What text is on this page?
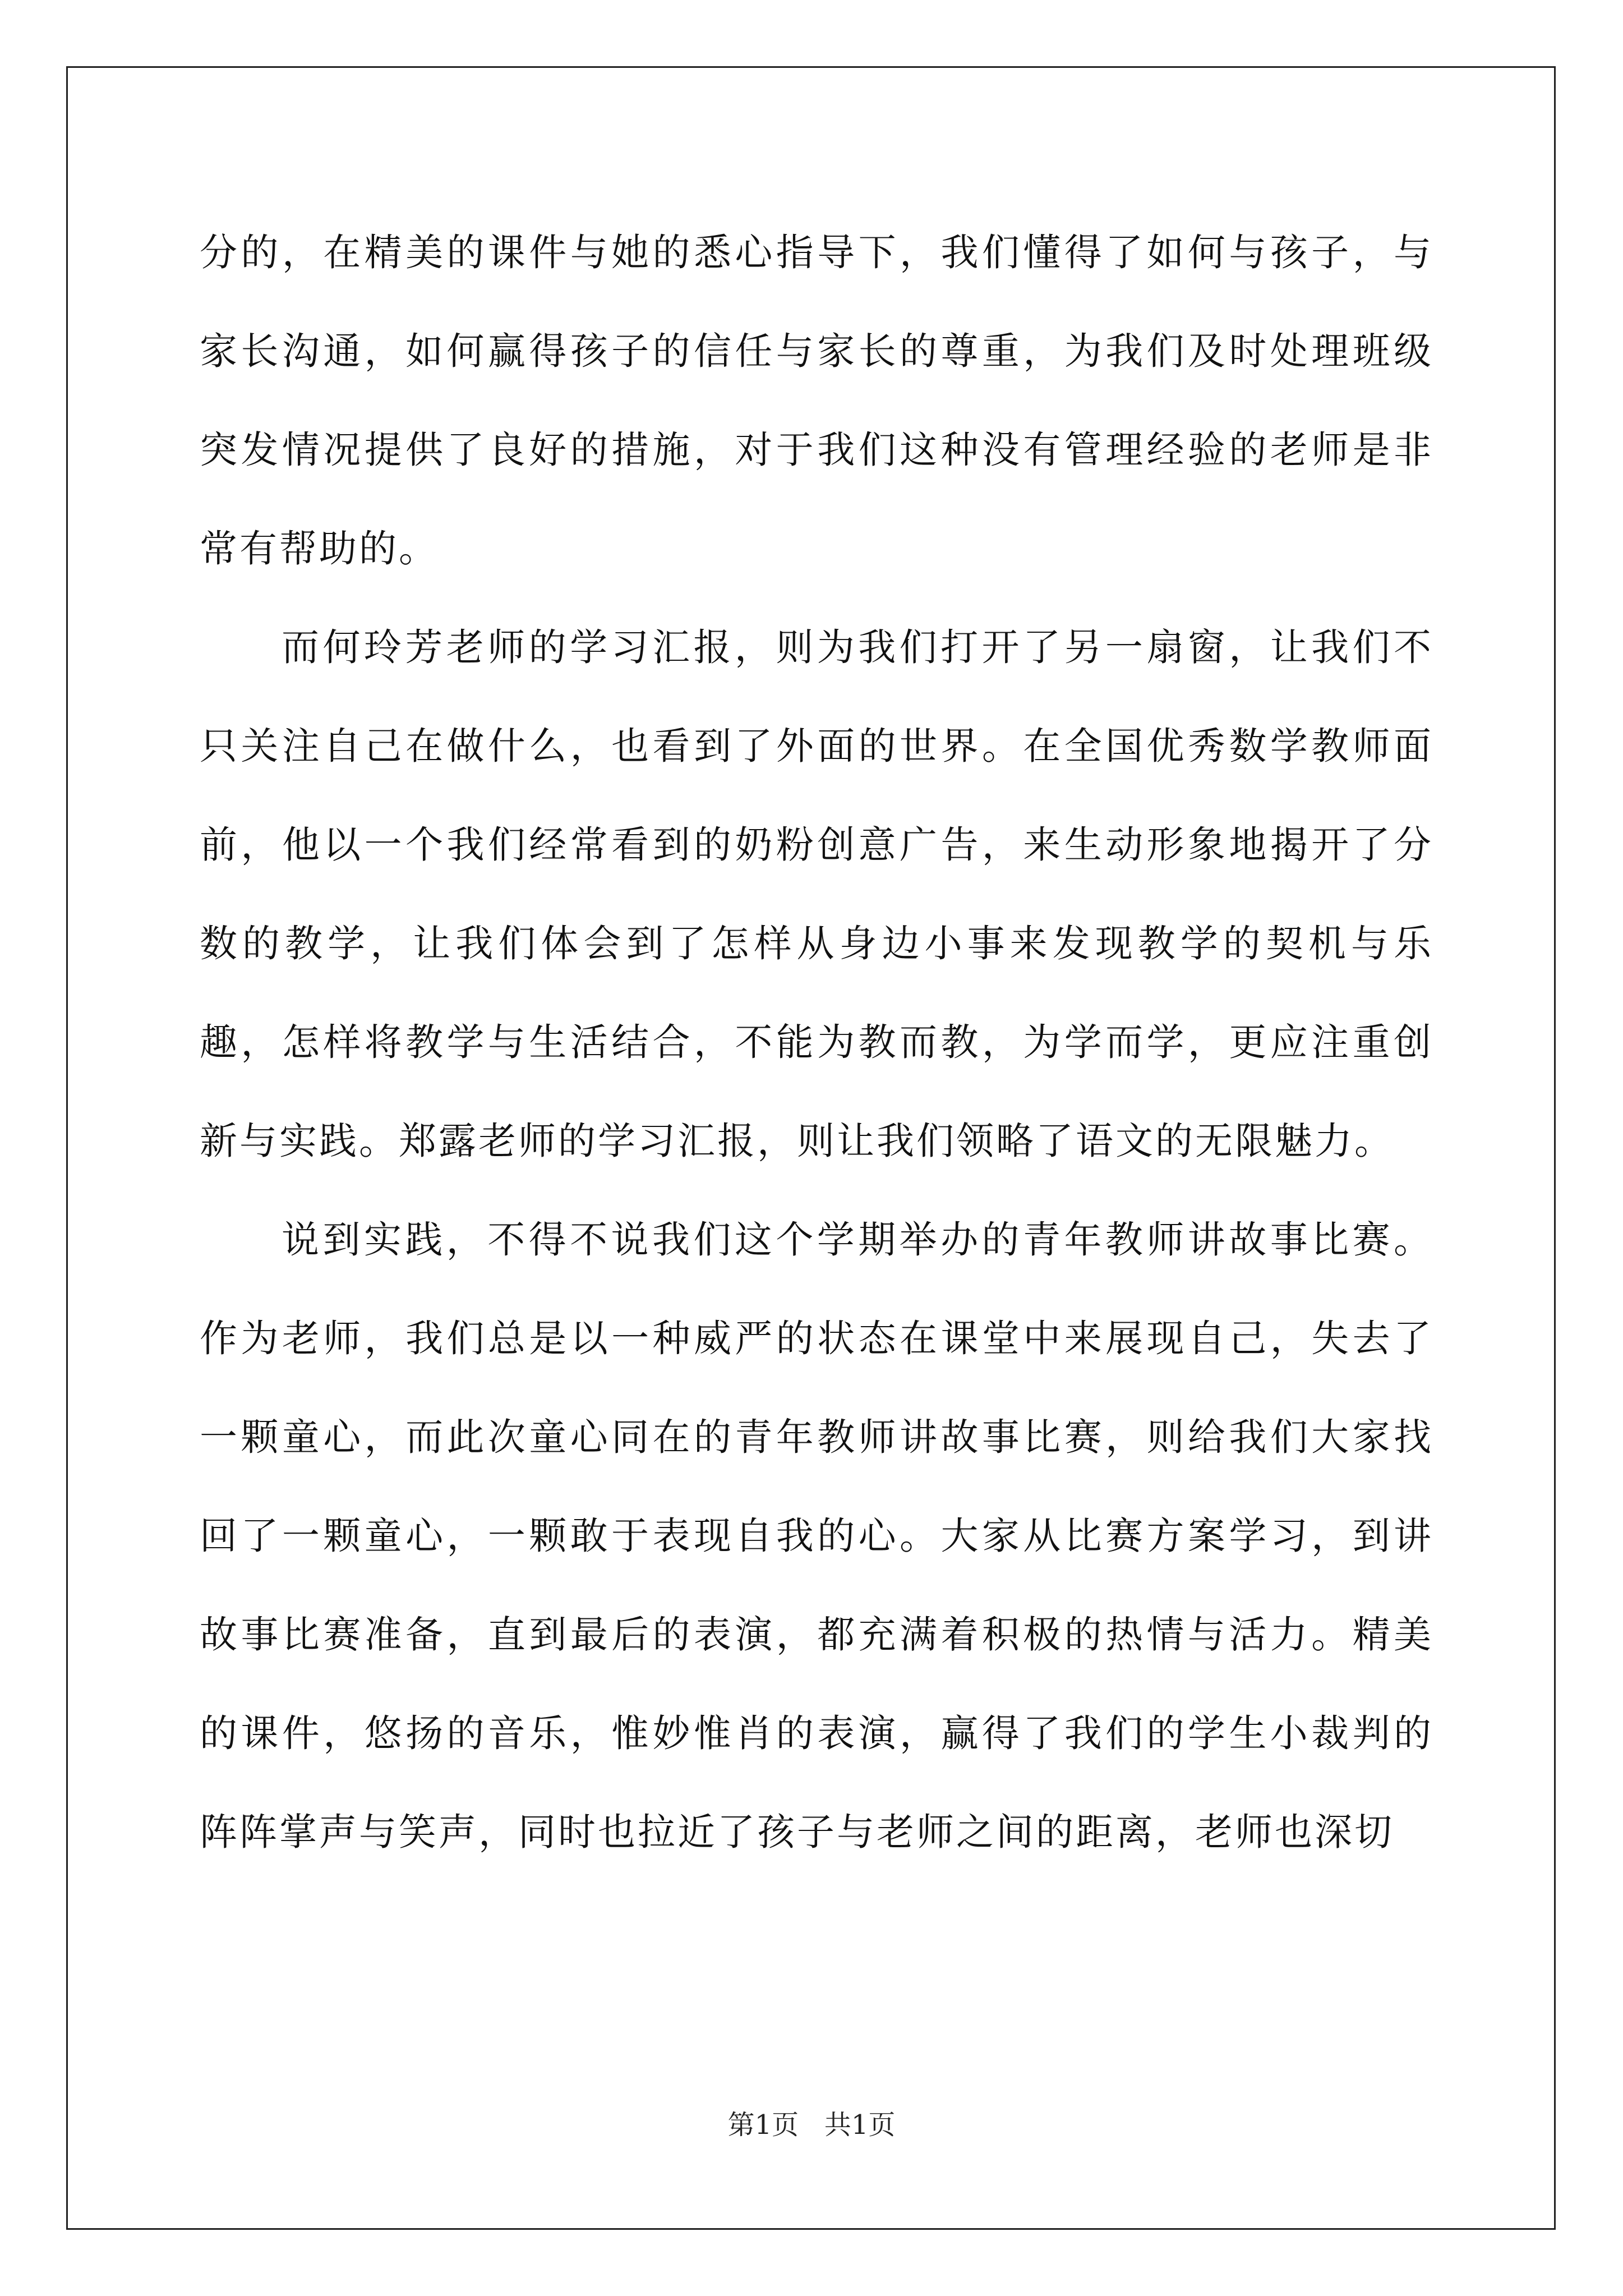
分的，在精美的课件与她的悉心指导下，我们懂得了如何与孩子，与家长沟通，如何赢得孩子的信任与家长的尊重，为我们及时处理班级突发情况提供了良好的措施，对于我们这种没有管理经验的老师是非常有帮助的。

而何玲芳老师的学习汇报，则为我们打开了另一扇窗，让我们不只关注自己在做什么，也看到了外面的世界。在全国优秀数学教师面前，他以一个我们经常看到的奶粉创意广告，来生动形象地揭开了分数的教学，让我们体会到了怎样从身边小事来发现教学的契机与乐趣，怎样将教学与生活结合，不能为教而教，为学而学，更应注重创新与实践。郑露老师的学习汇报，则让我们领略了语文的无限魅力。

说到实践，不得不说我们这个学期举办的青年教师讲故事比赛。作为老师，我们总是以一种威严的状态在课堂中来展现自己，失去了一颗童心，而此次童心同在的青年教师讲故事比赛，则给我们大家找回了一颗童心，一颗敢于表现自我的心。大家从比赛方案学习，到讲故事比赛准备，直到最后的表演，都充满着积极的热情与活力。精美的课件，悠扬的音乐，惟妙惟肖的表演，赢得了我们的学生小裁判的阵阵掌声与笑声，同时也拉近了孩子与老师之间的距离，老师也深切

第1页   共1页
